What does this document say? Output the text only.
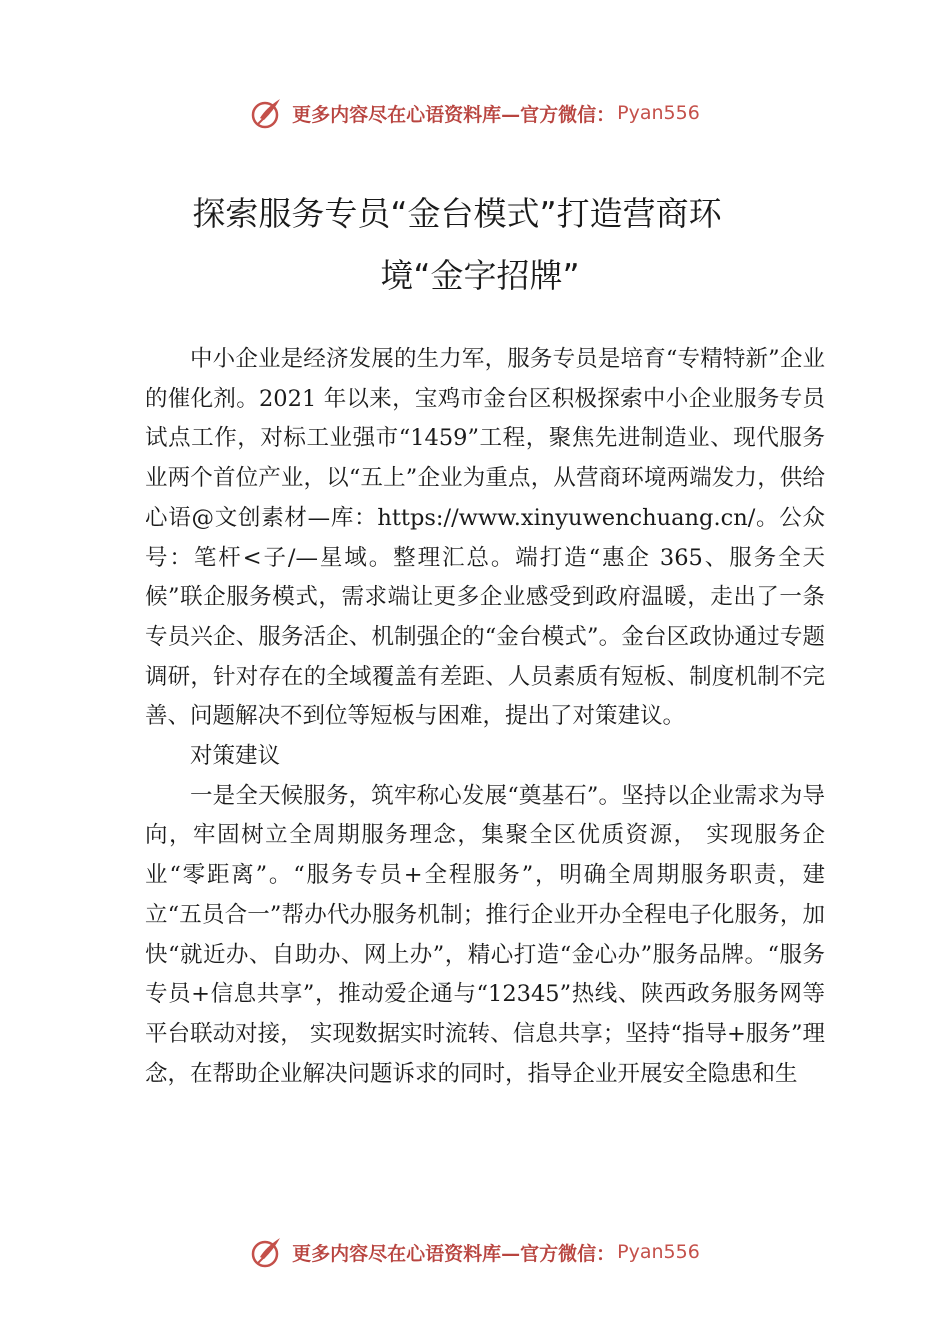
更多内容尽在心语资料库—官方微信： Pyan556
探索服务专员“金台模式”打造营商环
境“金字招牌”

中小企业是经济发展的生力军，服务专员是培育“专精特新”企业的催化剂。2021 年以来，宝鸡市金台区积极探索中小企业服务专员试点工作，对标工业强市“1459”工程，聚焦先进制造业、现代服务业两个首位产业，以“五上”企业为重点，从营商环境两端发力，供给心语@文创素材—库：https://www.xinyuwenchuang.cn/。公众号：笔杆<子/—星域。整理汇总。端打造“惠企 365、服务全天候”联企服务模式，需求端让更多企业感受到政府温暖，走出了一条专员兴企、服务活企、机制强企的“金台模式”。金台区政协通过专题调研，针对存在的全域覆盖有差距、人员素质有短板、制度机制不完善、问题解决不到位等短板与困难，提出了对策建议。

对策建议

一是全天候服务，筑牢称心发展“奠基石”。坚持以企业需求为导向，牢固树立全周期服务理念，集聚全区优质资源， 实现服务企业“零距离”。“服务专员+全程服务”，明确全周期服务职责，建立“五员合一”帮办代办服务机制；推行企业开办全程电子化服务，加快“就近办、自助办、网上办”，精心打造“金心办”服务品牌。“服务专员+信息共享”，推动爱企通与“12345”热线、陕西政务服务网等平台联动对接， 实现数据实时流转、信息共享；坚持“指导+服务”理念，在帮助企业解决问题诉求的同时，指导企业开展安全隐患和生

更多内容尽在心语资料库—官方微信： Pyan556
